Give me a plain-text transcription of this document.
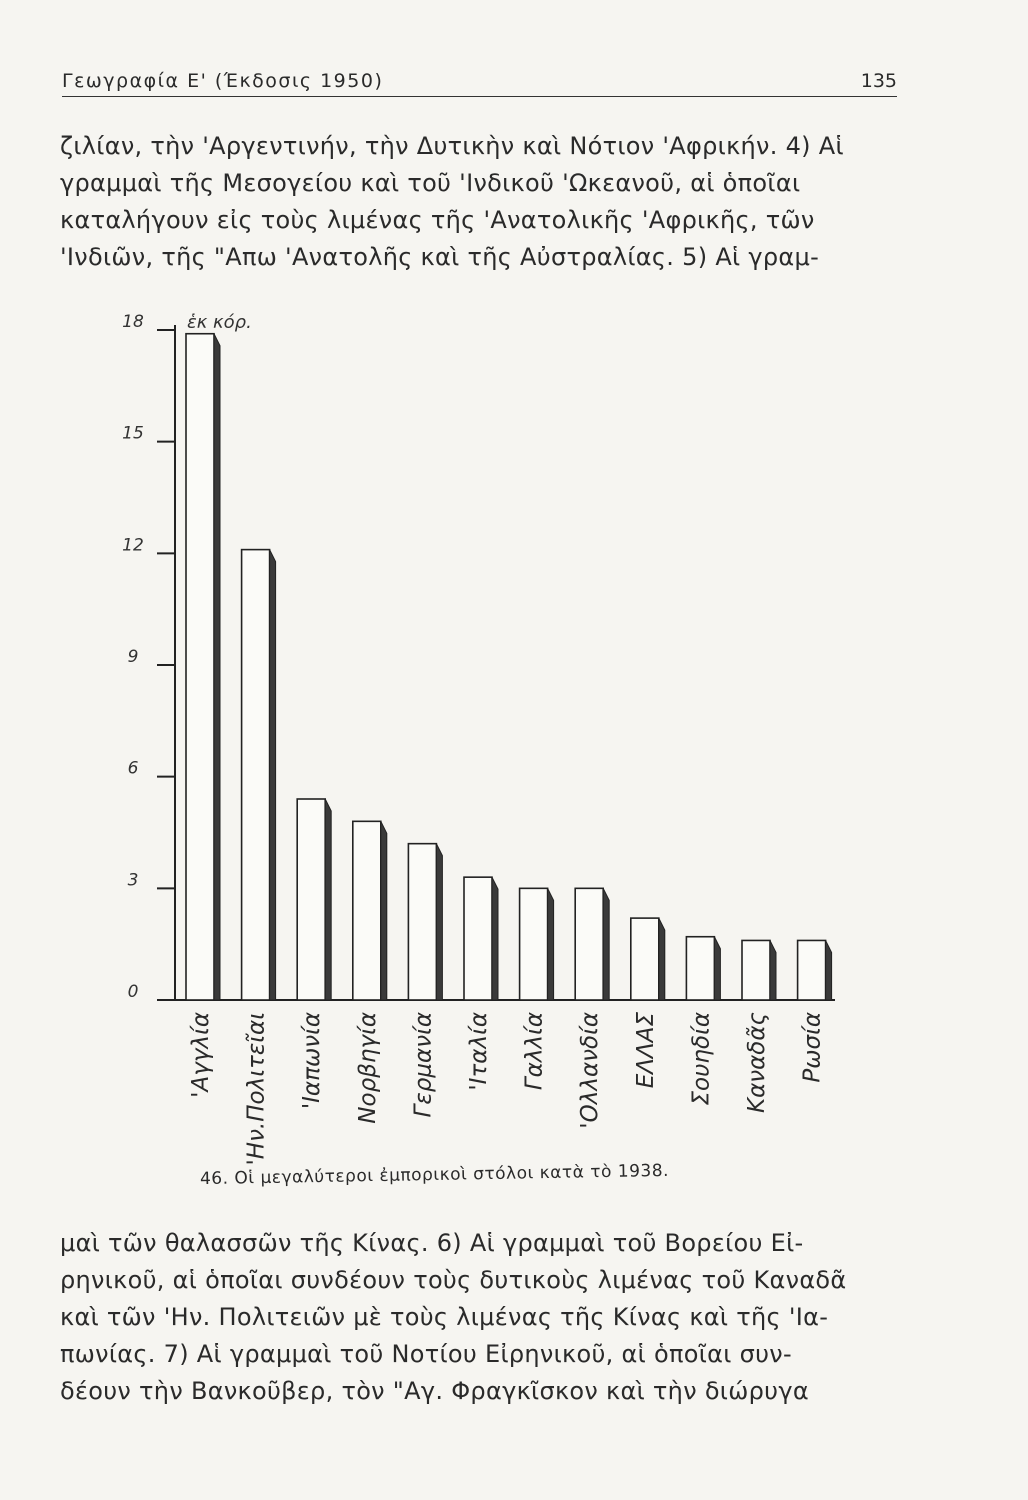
Γεωγραφία Ε' (Έκδοσις 1950)	135
ζιλίαν, τὴν 'Αργεντινήν, τὴν Δυτικὴν καὶ Νότιον 'Αφρικήν. 4) Αἱ
γραμμαὶ τῆς Μεσογείου καὶ τοῦ 'Ινδικοῦ 'Ωκεανοῦ, αἱ ὁποῖαι
καταλήγουν εἰς τοὺς λιμένας τῆς 'Ανατολικῆς 'Αφρικῆς, τῶν
'Ινδιῶν, τῆς "Απω 'Ανατολῆς καὶ τῆς Αὐστραλίας. 5) Αἱ γραμ-
0
3
6
9
12
15
18 ἑκ κόρ.
'Αγγλία 'Ην.Πολιτεῖαι 'Ιαπωνία Νορβηγία Γερμανία 'Ιταλία Γαλλία 'Ολλανδία ΕΛΛΑΣ Σουηδία Καναδᾶς Ρωσία
46. Οἱ μεγαλύτεροι ἐμπορικοὶ στόλοι κατὰ τὸ 1938.
μαὶ τῶν θαλασσῶν τῆς Κίνας. 6) Αἱ γραμμαὶ τοῦ Βορείου Εἰ-
ρηνικοῦ, αἱ ὁποῖαι συνδέουν τοὺς δυτικοὺς λιμένας τοῦ Καναδᾶ
καὶ τῶν 'Ην. Πολιτειῶν μὲ τοὺς λιμένας τῆς Κίνας καὶ τῆς 'Ια-
πωνίας. 7) Αἱ γραμμαὶ τοῦ Νοτίου Εἰρηνικοῦ, αἱ ὁποῖαι συν-
δέουν τὴν Βανκοῦβερ, τὸν "Αγ. Φραγκῖσκον καὶ τὴν διώρυγα
